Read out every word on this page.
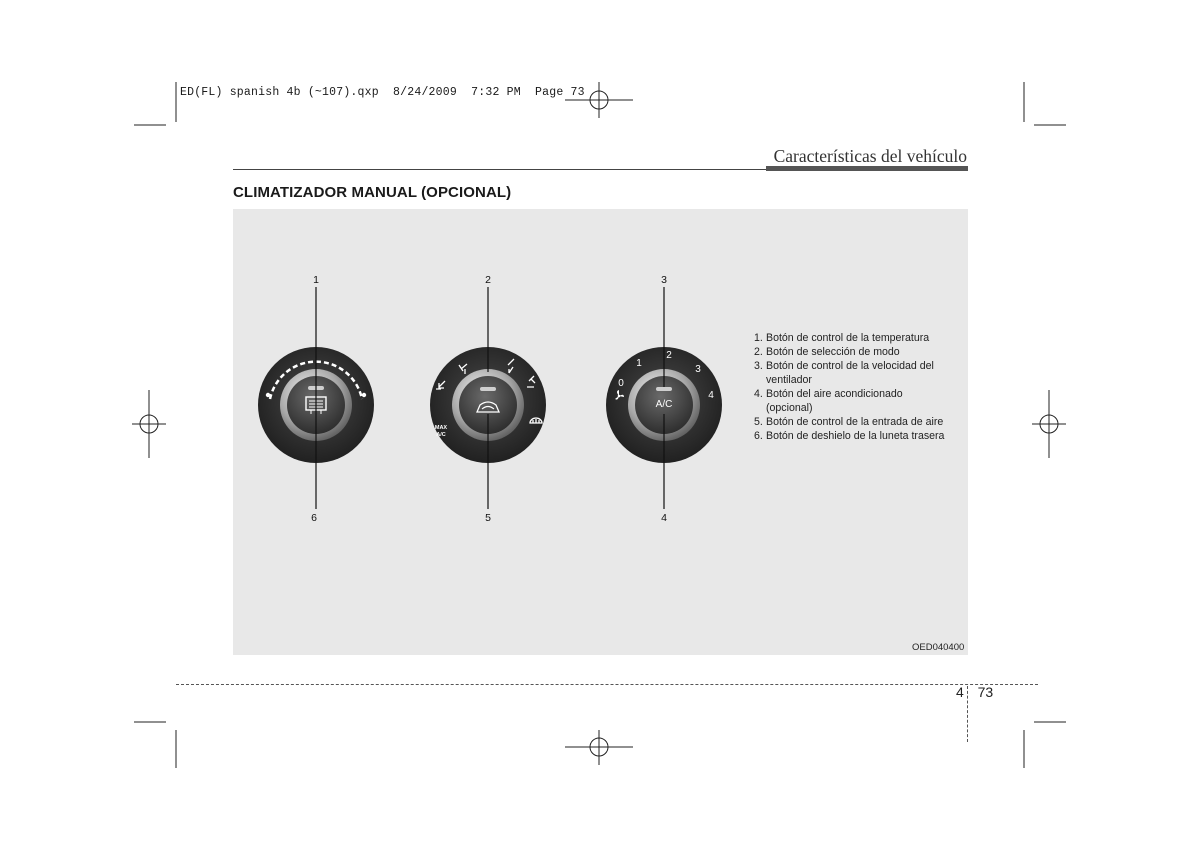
ED(FL) spanish 4b (~107).qxp  8/24/2009  7:32 PM  Page 73
Características del vehículo
CLIMATIZADOR MANUAL (OPCIONAL)
MAX
A/C
0
1
2
3
4
A/C
1	2	3
6	5	4
1. Botón de control de la temperatura
2. Botón de selección de modo
3. Botón de control de la velocidad del
ventilador
4. Botón del aire acondicionado
(opcional)
5. Botón de control de la entrada de aire
6. Botón de deshielo de la luneta trasera
OED040400
4 73
